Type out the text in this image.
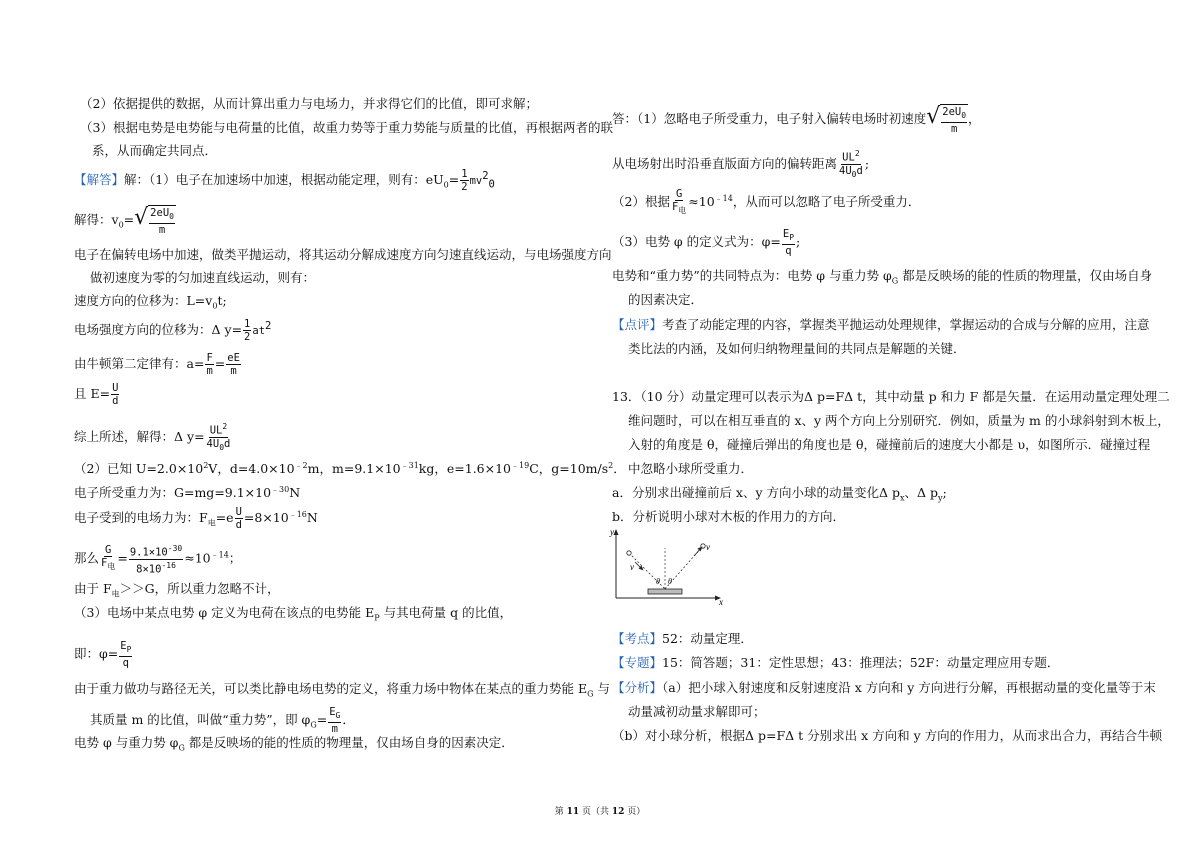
（2）依据提供的数据，从而计算出重力与电场力，并求得它们的比值，即可求解；
（3）根据电势是电势能与电荷量的比值，故重力势等于重力势能与质量的比值，再根据两者的联
系，从而确定共同点．
【解答】解：（1）电子在加速场中加速，根据动能定理，则有：$eU_0= \frac{1}{2} mv^2_0$
解得：$v_0=$ √ $\frac{2eU_0}{m}$
电子在偏转电场中加速，做类平抛运动，将其运动分解成速度方向匀速直线运动，与电场强度方向
做初速度为零的匀加速直线运动，则有：
速度方向的位移为：$L=v_0t$;
电场强度方向的位移为：Δ $y= \frac{1}{2} at^2$
由牛顿第二定律有：$a= \frac{F}{m} = \frac{eE}{m}$
且 $E= \frac{U}{d}$
综上所述，解得：Δ $y= \frac{UL^2}{4U_0d}$
（2）已知 $U=2.0\times 10^2V$，$d=4.0\times 10^{﹣2}m$，$m=9.1\times 10^{﹣31}kg$，$e=1.6\times 10^{﹣19}C$，$g=10m/s^2$．
电子所受重力为：$G=mg=9.1\times 10^{﹣30}N$
电子受到的电场力为：$F_电=e \frac{U}{d} =8\times 10^{﹣16}N$
那么 $\frac{G}{F_电} = \frac{9.1\times 10^{-30}}{8\times 10^{-16}} \approx 10^{﹣14}$；
由于 $F_电>>G$，所以重力忽略不计，
（3）电场中某点电势 φ 定义为电荷在该点的电势能 $E_P$ 与其电荷量 q 的比值，
即：$\varphi= \frac{E_P}{q}$
由于重力做功与路径无关，可以类比静电场电势的定义，将重力场中物体在某点的重力势能 $E_G$ 与
其质量 m 的比值，叫做“重力势”，即 $\varphi_G= \frac{E_G}{m}$ ．
电势 φ 与重力势 $\varphi_G$ 都是反映场的能的性质的物理量，仅由场自身的因素决定．
答：（1）忽略电子所受重力，电子射入偏转电场时初速度 √ $\frac{2eU_0}{m}$ ，
从电场射出时沿垂直版面方向的偏转距离 $\frac{UL^2}{4U_0d}$ ;
（2）根据 $\frac{G}{F_电} \approx 10^{﹣14}$，从而可以忽略了电子所受重力．
（3）电势 φ 的定义式为：$\varphi= \frac{E_P}{q}$ ;
电势和“重力势”的共同特点为：电势 φ 与重力势 $\varphi_G$ 都是反映场的能的性质的物理量，仅由场自身
的因素决定．
【点评】考查了动能定理的内容，掌握类平抛运动处理规律，掌握运动的合成与分解的应用，注意
类比法的内涵，及如何归纳物理量间的共同点是解题的关键．
13．（10 分）动量定理可以表示为Δ p=FΔ t，其中动量 p 和力 F 都是矢量．在运用动量定理处理二
维问题时，可以在相互垂直的 x、y 两个方向上分别研究．例如，质量为 m 的小球斜射到木板上，
入射的角度是 θ，碰撞后弹出的角度也是 θ，碰撞前后的速度大小都是 υ，如图所示．碰撞过程
中忽略小球所受重力．
a．分别求出碰撞前后 x、y 方向小球的动量变化Δ $p_x$、Δ $p_y$;
b．分析说明小球对木板的作用力的方向．
y
x
v
v
θ θ
【考点】52：动量定理．
【专题】15：简答题；31：定性思想；43：推理法；52F：动量定理应用专题．
【分析】（a）把小球入射速度和反射速度沿 x 方向和 y 方向进行分解，再根据动量的变化量等于末
动量减初动量求解即可；
（b）对小球分析，根据Δ p=FΔ t 分别求出 x 方向和 y 方向的作用力，从而求出合力，再结合牛顿
第 11 页（共 12 页）
